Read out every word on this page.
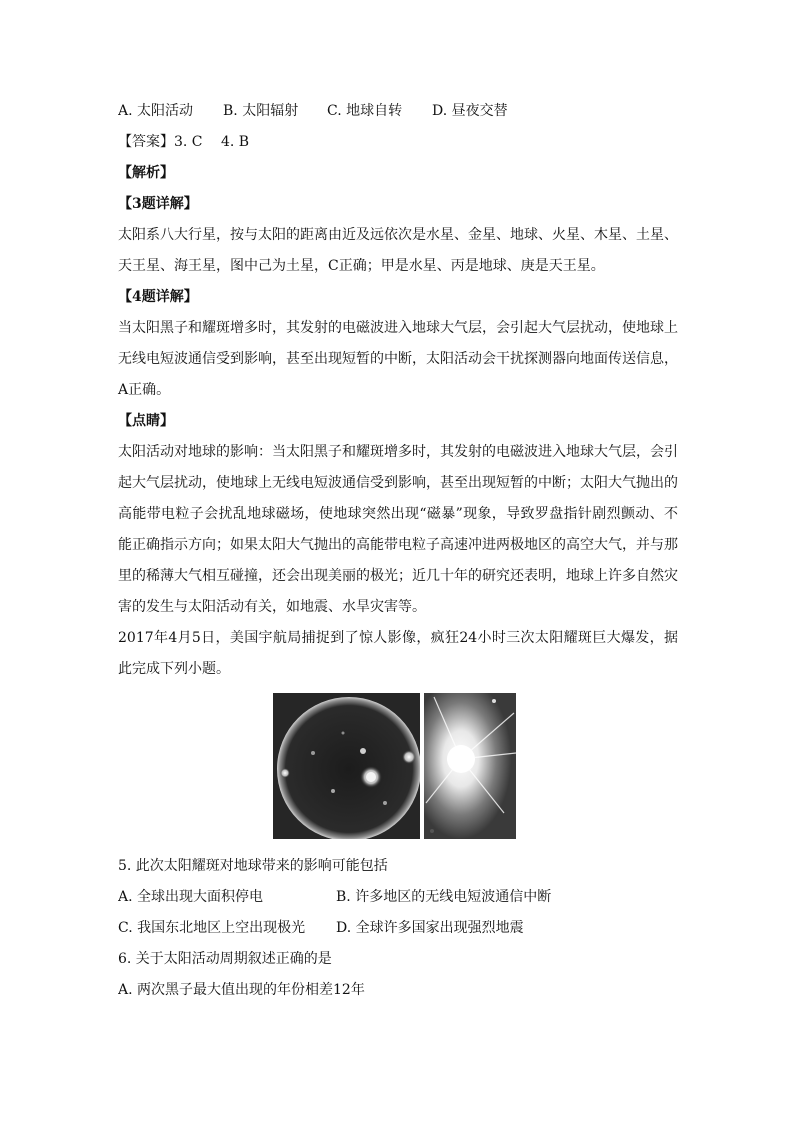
A. 太阳活动 B. 太阳辐射 C. 地球自转 D. 昼夜交替
【答案】3. C　 4. B
【解析】
【3题详解】
太阳系八大行星，按与太阳的距离由近及远依次是水星、金星、地球、火星、木星、土星、天王星、海王星，图中己为土星，C正确；甲是水星、丙是地球、庚是天王星。
【4题详解】
当太阳黑子和耀斑增多时，其发射的电磁波进入地球大气层，会引起大气层扰动，使地球上无线电短波通信受到影响，甚至出现短暂的中断，太阳活动会干扰探测器向地面传送信息，A正确。
【点睛】
太阳活动对地球的影响：当太阳黑子和耀斑增多时，其发射的电磁波进入地球大气层，会引起大气层扰动，使地球上无线电短波通信受到影响，甚至出现短暂的中断；太阳大气抛出的高能带电粒子会扰乱地球磁场，使地球突然出现“磁暴”现象，导致罗盘指针剧烈颤动、不能正确指示方向；如果太阳大气抛出的高能带电粒子高速冲进两极地区的高空大气，并与那里的稀薄大气相互碰撞，还会出现美丽的极光；近几十年的研究还表明，地球上许多自然灾害的发生与太阳活动有关，如地震、水旱灾害等。
2017年4月5日，美国宇航局捕捉到了惊人影像，疯狂24小时三次太阳耀斑巨大爆发，据此完成下列小题。
5. 此次太阳耀斑对地球带来的影响可能包括
A. 全球出现大面积停电	B. 许多地区的无线电短波通信中断
C. 我国东北地区上空出现极光 D. 全球许多国家出现强烈地震
6. 关于太阳活动周期叙述正确的是
A. 两次黑子最大值出现的年份相差12年
